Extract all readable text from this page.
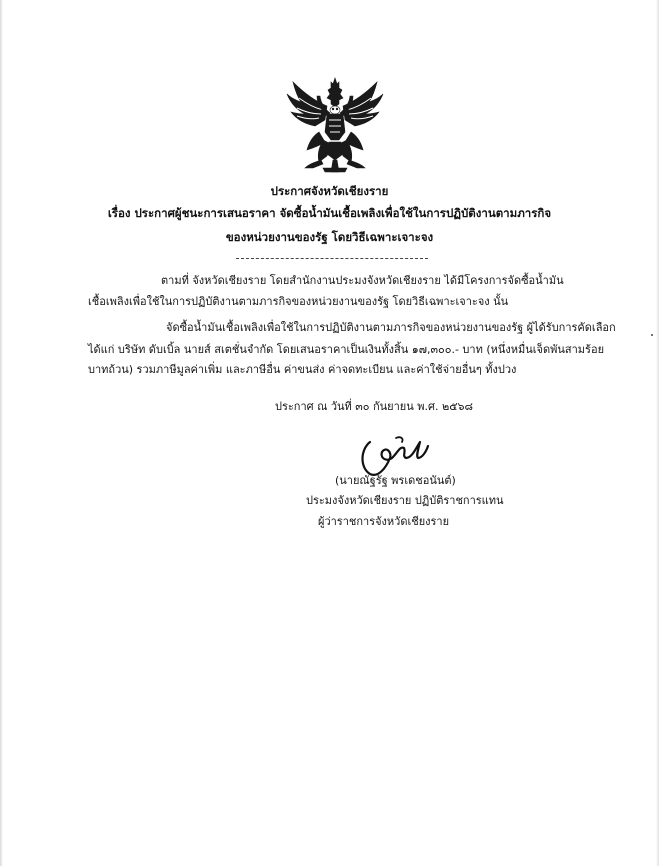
ประกาศจังหวัดเชียงราย
เรื่อง ประกาศผู้ชนะการเสนอราคา จัดซื้อน้ำมันเชื้อเพลิงเพื่อใช้ในการปฏิบัติงานตามภารกิจ
ของหน่วยงานของรัฐ โดยวิธีเฉพาะเจาะจง
ตามที่ จังหวัดเชียงราย โดยสำนักงานประมงจังหวัดเชียงราย ได้มีโครงการจัดซื้อน้ำมัน
เชื้อเพลิงเพื่อใช้ในการปฏิบัติงานตามภารกิจของหน่วยงานของรัฐ โดยวิธีเฉพาะเจาะจง นั้น
จัดซื้อน้ำมันเชื้อเพลิงเพื่อใช้ในการปฏิบัติงานตามภารกิจของหน่วยงานของรัฐ ผู้ได้รับการคัดเลือก
ได้แก่ บริษัท ดับเบิ้ล นายส์ สเตชั่นจำกัด โดยเสนอราคาเป็นเงินทั้งสิ้น ๑๗,๓๐๐.- บาท (หนึ่งหมื่นเจ็ดพันสามร้อย
บาทถ้วน) รวมภาษีมูลค่าเพิ่ม และภาษีอื่น ค่าขนส่ง ค่าจดทะเบียน และค่าใช้จ่ายอื่นๆ ทั้งปวง
ประกาศ ณ วันที่ ๓๐ กันยายน พ.ศ. ๒๕๖๘
(นายณัฐรัฐ พรเดชอนันต์)
ประมงจังหวัดเชียงราย ปฏิบัติราชการแทน
ผู้ว่าราชการจังหวัดเชียงราย
